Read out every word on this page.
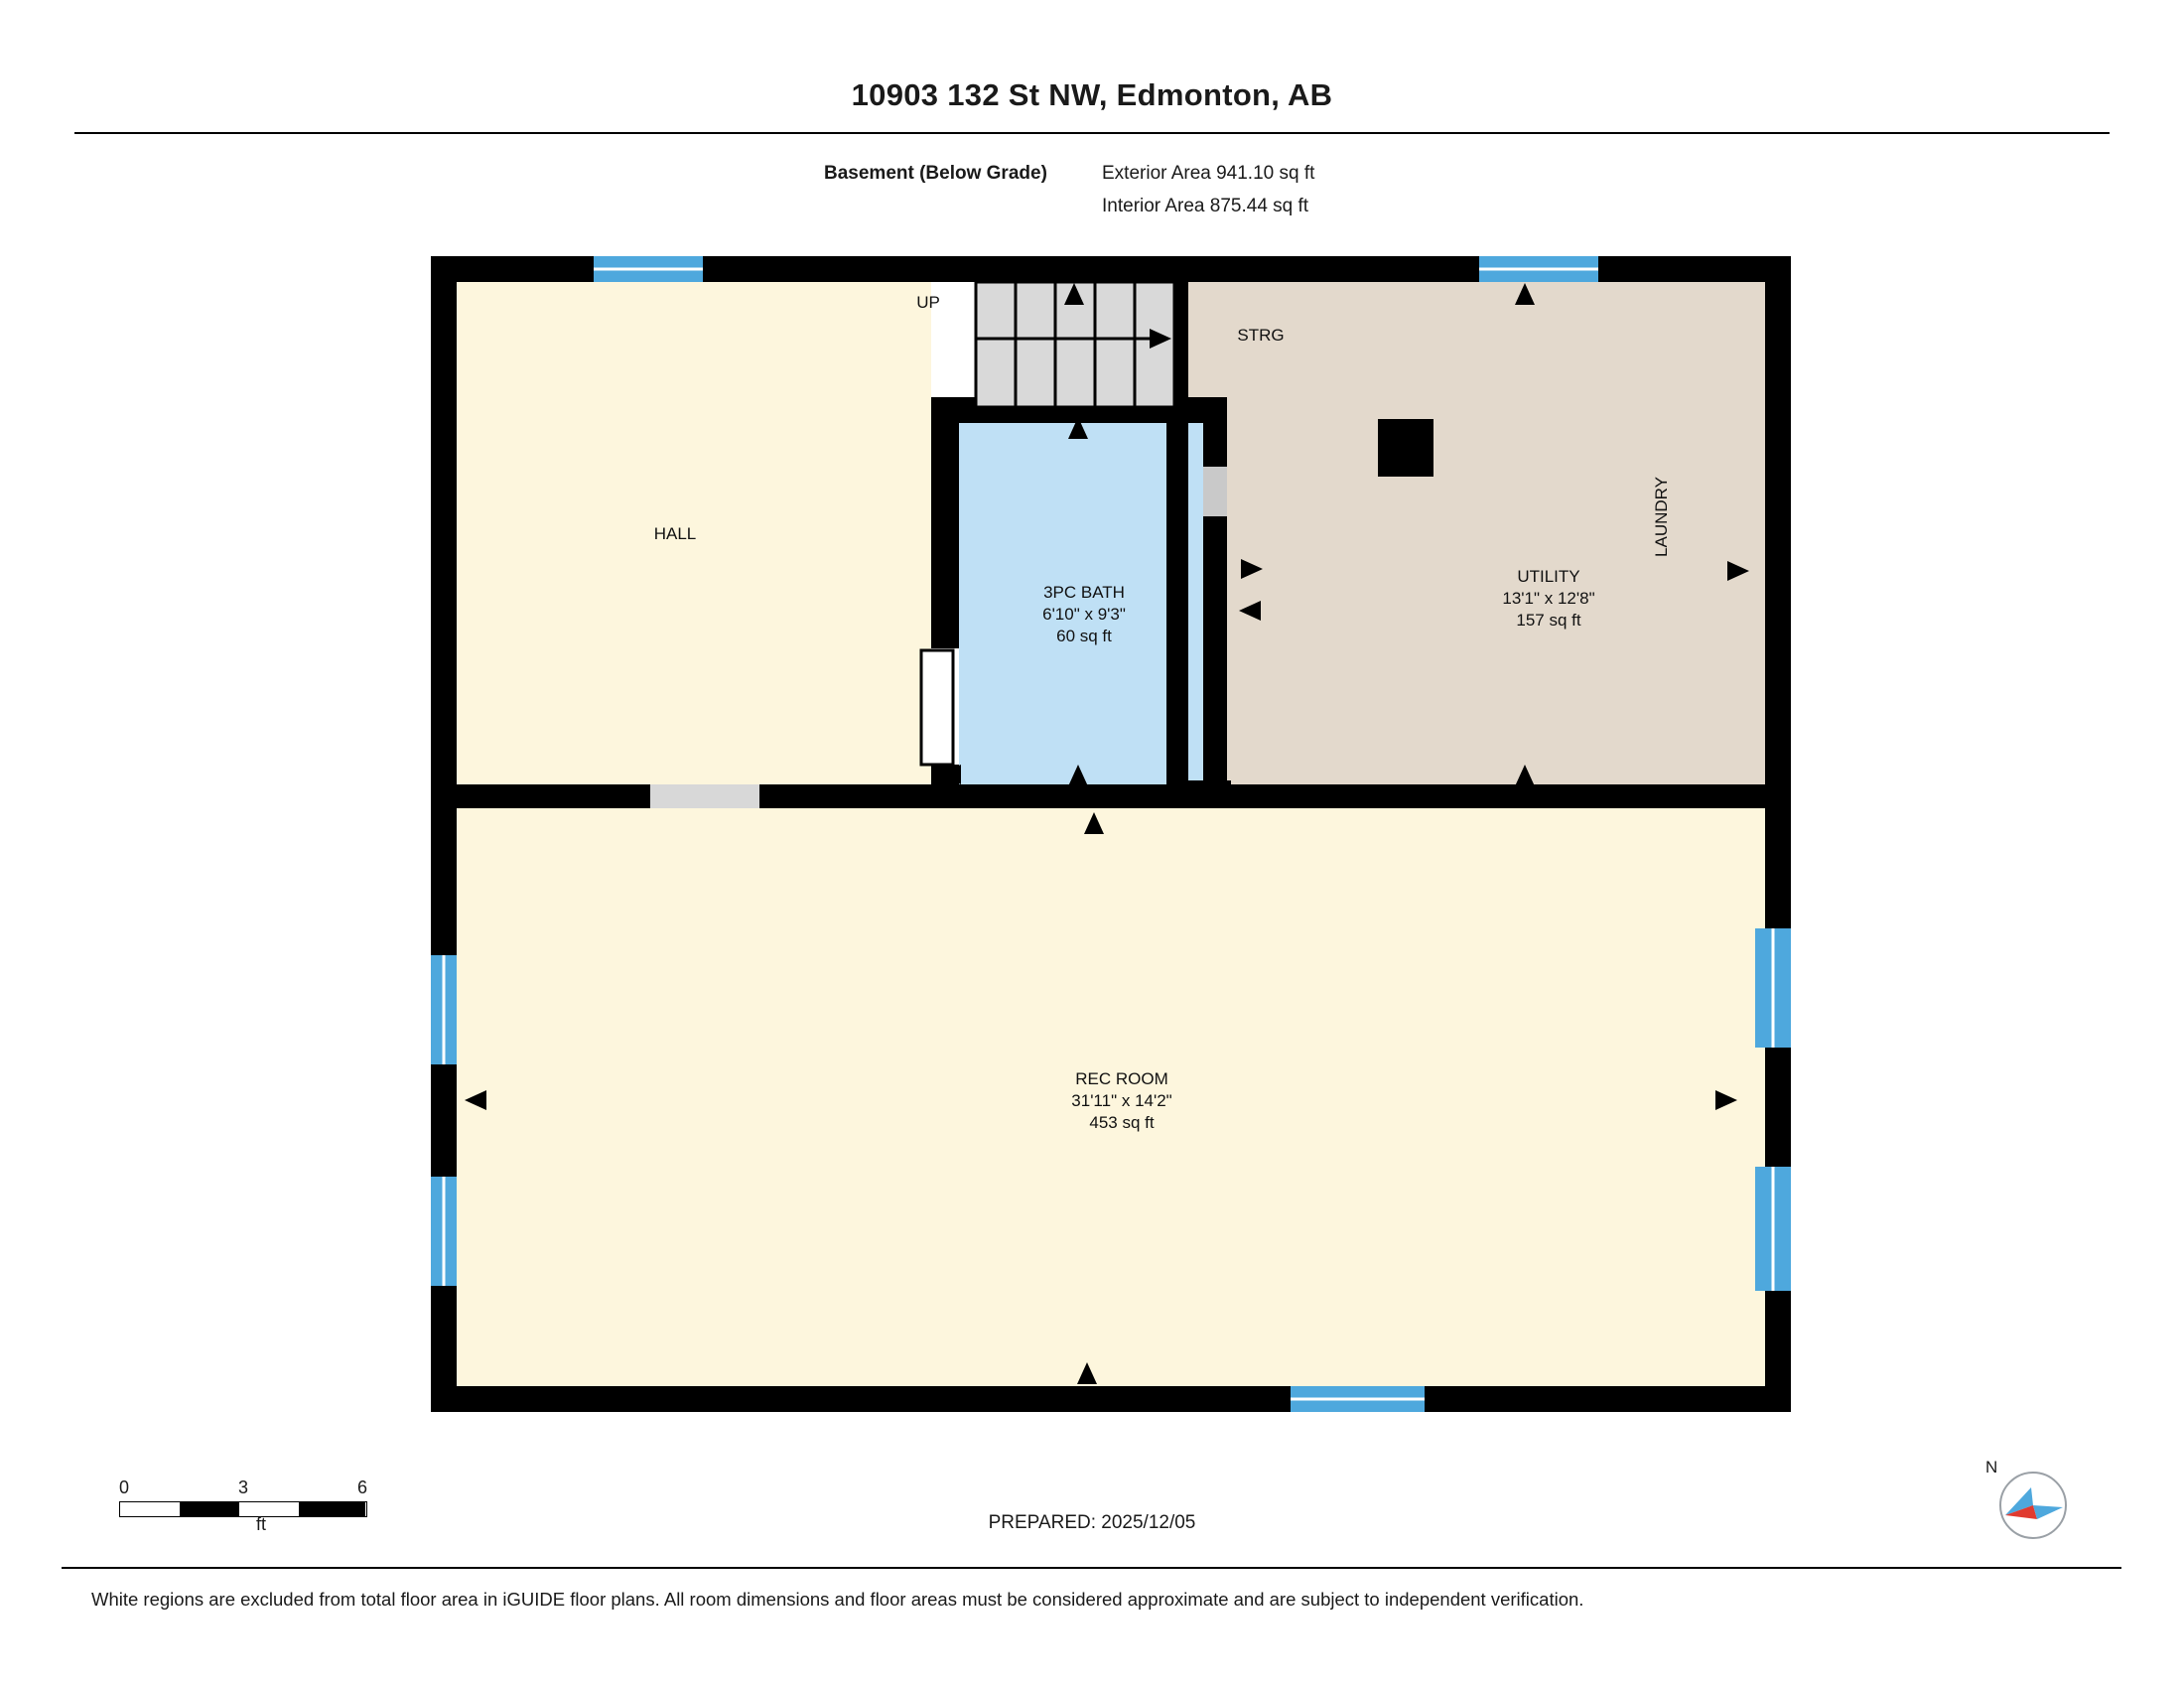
10903 132 St NW, Edmonton, AB
Basement (Below Grade)	Exterior Area 941.10 sq ft
Interior Area 875.44 sq ft
HALL
STRG
LAUNDRY
UTILITY
13'1" x 12'8"
157 sq ft
3PC BATH
6'10" x 9'3"
60 sq ft
REC ROOM
31'11" x 14'2"
453 sq ft
UP
0	3	6
ft	PREPARED: 2025/12/05
N
White regions are excluded from total floor area in iGUIDE floor plans. All room dimensions and floor areas must be considered approximate and are subject to independent verification.
